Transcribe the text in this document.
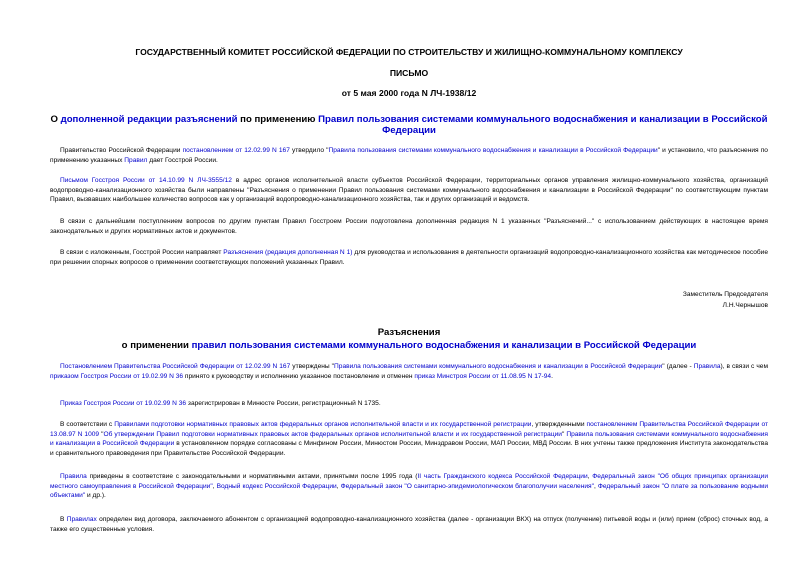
ГОСУДАРСТВЕННЫЙ КОМИТЕТ РОССИЙСКОЙ ФЕДЕРАЦИИ ПО СТРОИТЕЛЬСТВУ И ЖИЛИЩНО-КОММУНАЛЬНОМУ КОМПЛЕКСУ
ПИСЬМО
от 5 мая 2000 года N ЛЧ-1938/12
О дополненной редакции разъяснений по применению Правил пользования системами коммунального водоснабжения и канализации в Российской Федерации

Правительство Российской Федерации постановлением от 12.02.99 N 167 утвердило "Правила пользования системами коммунального водоснабжения и канализации в Российской Федерации" и установило, что разъяснения по применению указанных Правил дает Госстрой России.

Письмом Госстроя России от 14.10.99 N ЛЧ-3555/12 в адрес органов исполнительной власти субъектов Российской Федерации, территориальных органов управления жилищно-коммунального хозяйства, организаций водопроводно-канализационного хозяйства были направлены "Разъяснения о применении Правил пользования системами коммунального водоснабжения и канализации в Российской Федерации" по соответствующим пунктам Правил, вызвавших наибольшее количество вопросов как у организаций водопроводно-канализационного хозяйства, так и других организаций и ведомств.

В связи с дальнейшим поступлением вопросов по другим пунктам Правил Госстроем России подготовлена дополненная редакция N 1 указанных "Разъяснений..." с использованием действующих в настоящее время законодательных и других нормативных актов и документов.

В связи с изложенным, Госстрой России направляет Разъяснения (редакция дополненная N 1) для руководства и использования в деятельности организаций водопроводно-канализационного хозяйства как методическое пособие при решении спорных вопросов о применении соответствующих положений указанных Правил.

Заместитель Председателя
Л.Н.Чернышов
Разъяснения
о применении правил пользования системами коммунального водоснабжения и канализации в Российской Федерации

Постановлением Правительства Российской Федерации от 12.02.99 N 167 утверждены "Правила пользования системами коммунального водоснабжения и канализации в Российской Федерации" (далее - Правила), в связи с чем приказом Госстроя России от 19.02.99 N 36 принято к руководству и исполнению указанное постановление и отменен приказ Минстроя России от 11.08.95 N 17-94.

Приказ Госстроя России от 19.02.99 N 36 зарегистрирован в Минюсте России, регистрационный N 1735.

В соответствии с Правилами подготовки нормативных правовых актов федеральных органов исполнительной власти и их государственной регистрации, утвержденными постановлением Правительства Российской Федерации от 13.08.97 N 1009 "Об утверждении Правил подготовки нормативных правовых актов федеральных органов исполнительной власти и их государственной регистрации" Правила пользования системами коммунального водоснабжения и канализации в Российской Федерации в установленном порядке согласованы с Минфином России, Минюстом России, Минздравом России, МАП России, МВД России. В них учтены также предложения Института законодательства и сравнительного правоведения при Правительстве Российской Федерации.

Правила приведены в соответствие с законодательными и нормативными актами, принятыми после 1995 года (II часть Гражданского кодекса Российской Федерации, Федеральный закон "Об общих принципах организации местного самоуправления в Российской Федерации", Водный кодекс Российской Федерации, Федеральный закон "О санитарно-эпидемиологическом благополучии населения", Федеральный закон "О плате за пользование водными объектами" и др.).

В Правилах определен вид договора, заключаемого абонентом с организацией водопроводно-канализационного хозяйства (далее - организации ВКХ) на отпуск (получение) питьевой воды и (или) прием (сброс) сточных вод, а также его существенные условия.
